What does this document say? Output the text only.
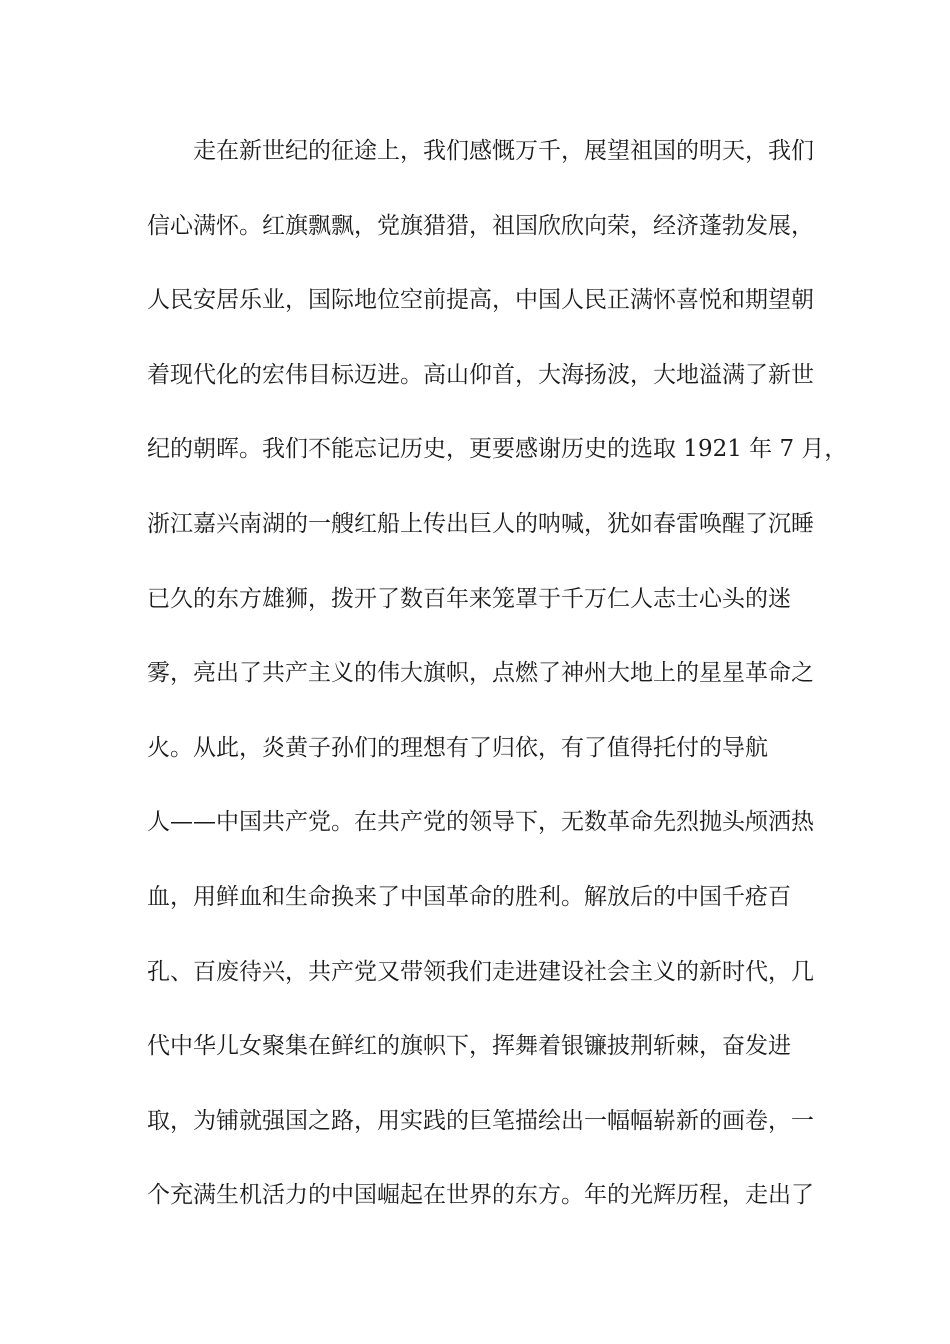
走在新世纪的征途上，我们感慨万千，展望祖国的明天，我们
信心满怀。红旗飘飘，党旗猎猎，祖国欣欣向荣，经济蓬勃发展，
人民安居乐业，国际地位空前提高，中国人民正满怀喜悦和期望朝
着现代化的宏伟目标迈进。高山仰首，大海扬波，大地溢满了新世
纪的朝晖。我们不能忘记历史，更要感谢历史的选取 1921 年 7 月，
浙江嘉兴南湖的一艘红船上传出巨人的呐喊，犹如春雷唤醒了沉睡
已久的东方雄狮，拨开了数百年来笼罩于千万仁人志士心头的迷
雾，亮出了共产主义的伟大旗帜，点燃了神州大地上的星星革命之
火。从此，炎黄子孙们的理想有了归依，有了值得托付的导航
人——中国共产党。在共产党的领导下，无数革命先烈抛头颅洒热
血，用鲜血和生命换来了中国革命的胜利。解放后的中国千疮百
孔、百废待兴，共产党又带领我们走进建设社会主义的新时代，几
代中华儿女聚集在鲜红的旗帜下，挥舞着银镰披荆斩棘，奋发进
取，为铺就强国之路，用实践的巨笔描绘出一幅幅崭新的画卷，一
个充满生机活力的中国崛起在世界的东方。年的光辉历程，走出了
